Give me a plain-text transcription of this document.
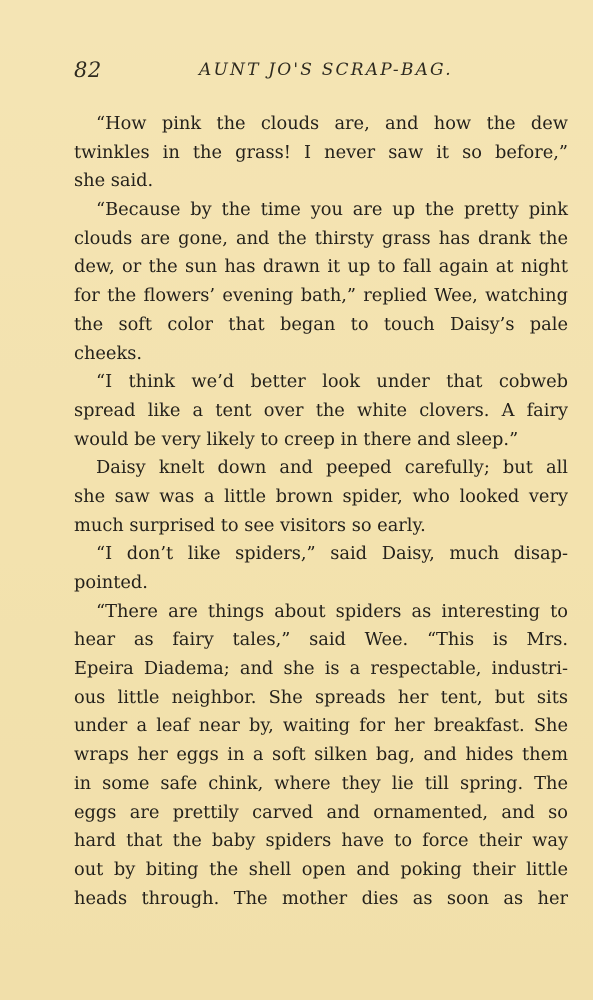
82	AUNT JO'S SCRAP-BAG.
“How pink the clouds are, and how the dew
twinkles in the grass! I never saw it so before,”
she said.
“Because by the time you are up the pretty pink
clouds are gone, and the thirsty grass has drank the
dew, or the sun has drawn it up to fall again at night
for the flowers’ evening bath,” replied Wee, watching
the soft color that began to touch Daisy’s pale
cheeks.
“I think we’d better look under that cobweb
spread like a tent over the white clovers. A fairy
would be very likely to creep in there and sleep.”
Daisy knelt down and peeped carefully; but all
she saw was a little brown spider, who looked very
much surprised to see visitors so early.
“I don’t like spiders,” said Daisy, much disap-
pointed.
“There are things about spiders as interesting to
hear as fairy tales,” said Wee. “This is Mrs.
Epeira Diadema; and she is a respectable, industri-
ous little neighbor. She spreads her tent, but sits
under a leaf near by, waiting for her breakfast. She
wraps her eggs in a soft silken bag, and hides them
in some safe chink, where they lie till spring. The
eggs are prettily carved and ornamented, and so
hard that the baby spiders have to force their way
out by biting the shell open and poking their little
heads through. The mother dies as soon as her
